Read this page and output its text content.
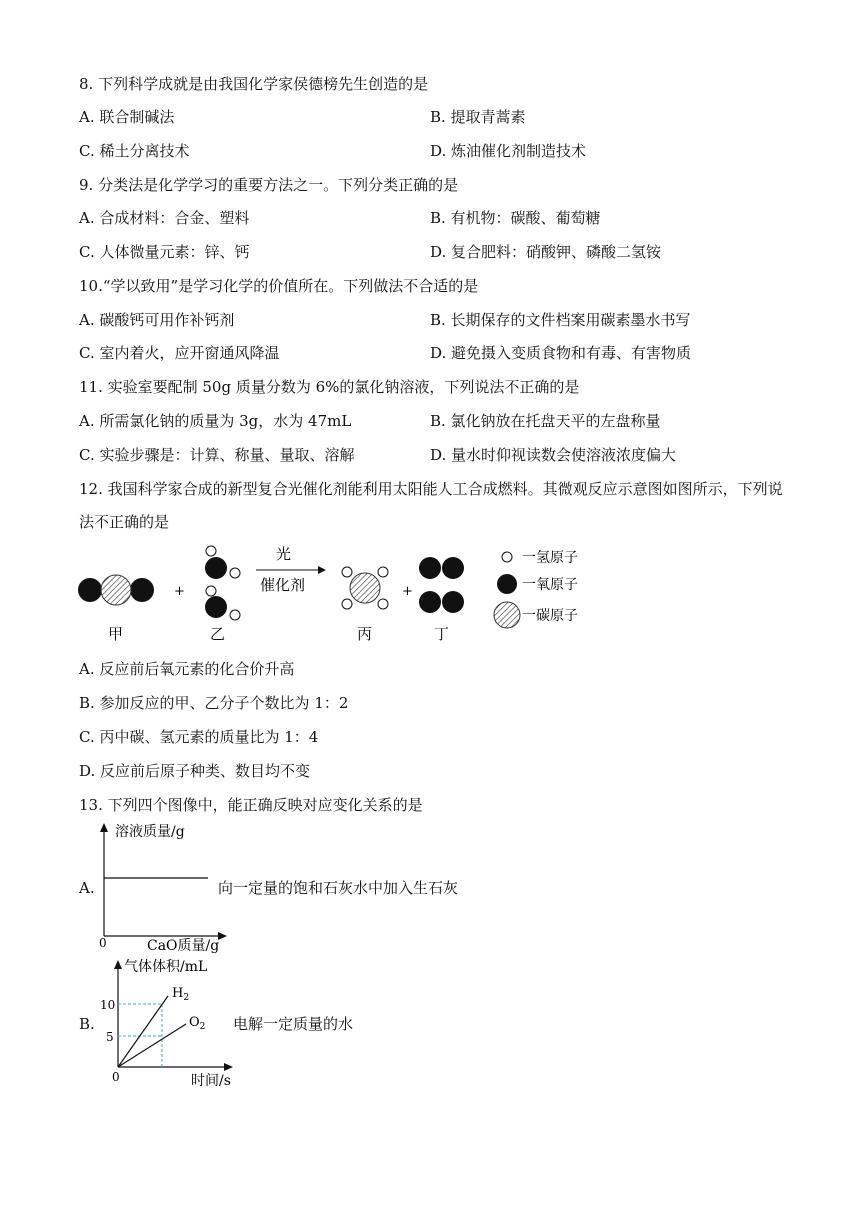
8. 下列科学成就是由我国化学家侯德榜先生创造的是
A. 联合制碱法	B. 提取青蒿素
C. 稀土分离技术	D. 炼油催化剂制造技术
9. 分类法是化学学习的重要方法之一。下列分类正确的是
A. 合成材料：合金、塑料	B. 有机物：碳酸、葡萄糖
C. 人体微量元素：锌、钙	D. 复合肥料：硝酸钾、磷酸二氢铵
10.“学以致用”是学习化学的价值所在。下列做法不合适的是
A. 碳酸钙可用作补钙剂	B. 长期保存的文件档案用碳素墨水书写
C. 室内着火，应开窗通风降温	D. 避免摄入变质食物和有毒、有害物质
11. 实验室要配制 50g 质量分数为 6%的氯化钠溶液，下列说法不正确的是
A. 所需氯化钠的质量为 3g，水为 47mL	B. 氯化钠放在托盘天平的左盘称量
C. 实验步骤是：计算、称量、量取、溶解	D. 量水时仰视读数会使溶液浓度偏大
12. 我国科学家合成的新型复合光催化剂能利用太阳能人工合成燃料。其微观反应示意图如图所示，下列说
法不正确的是
+
光
催化剂	+
甲	乙	丙	丁
一氢原子
一氧原子
一碳原子
A. 反应前后氧元素的化合价升高
B. 参加反应的甲、乙分子个数比为 1：2
C. 丙中碳、氢元素的质量比为 1：4
D. 反应前后原子种类、数目均不变
13. 下列四个图像中，能正确反映对应变化关系的是
A.
溶液质量/g
0	CaO质量/g
向一定量的饱和石灰水中加入生石灰
B.
气体体积/mL
10
5
0
$H_2$
$O_2$
时间/s
电解一定质量的水
